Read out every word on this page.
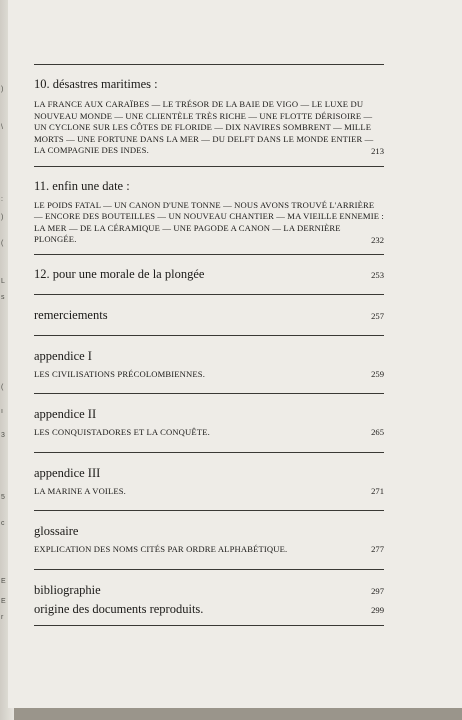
)
\
:
)
(
L
s
(
ı
3
5
c
E
E
r

10. désastres maritimes :

LA FRANCE AUX CARAÏBES — LE TRÉSOR DE LA BAIE DE VIGO — LE LUXE DU NOUVEAU MONDE — UNE CLIENTÈLE TRÈS RICHE — UNE FLOTTE DÉRISOIRE — UN CYCLONE SUR LES CÔTES DE FLORIDE — DIX NAVIRES SOMBRENT — MILLE MORTS — UNE FORTUNE DANS LA MER — DU DELFT DANS LE MONDE ENTIER — LA COMPAGNIE DES INDES.	213

11. enfin une date :

LE POIDS FATAL — UN CANON D'UNE TONNE — NOUS AVONS TROUVÉ L'ARRIÈRE — ENCORE DES BOUTEILLES — UN NOUVEAU CHANTIER — MA VIEILLE ENNEMIE : LA MER — DE LA CÉRAMIQUE — UNE PAGODE A CANON — LA DERNIÈRE PLONGÉE.	232

12. pour une morale de la plongée	253

remerciements	257

appendice I

LES CIVILISATIONS PRÉCOLOMBIENNES.	259

appendice II

LES CONQUISTADORES ET LA CONQUÊTE.	265

appendice III

LA MARINE A VOILES.	271

glossaire

EXPLICATION DES NOMS CITÉS PAR ORDRE ALPHABÉTIQUE.	277

bibliographie	297

origine des documents reproduits.	299
